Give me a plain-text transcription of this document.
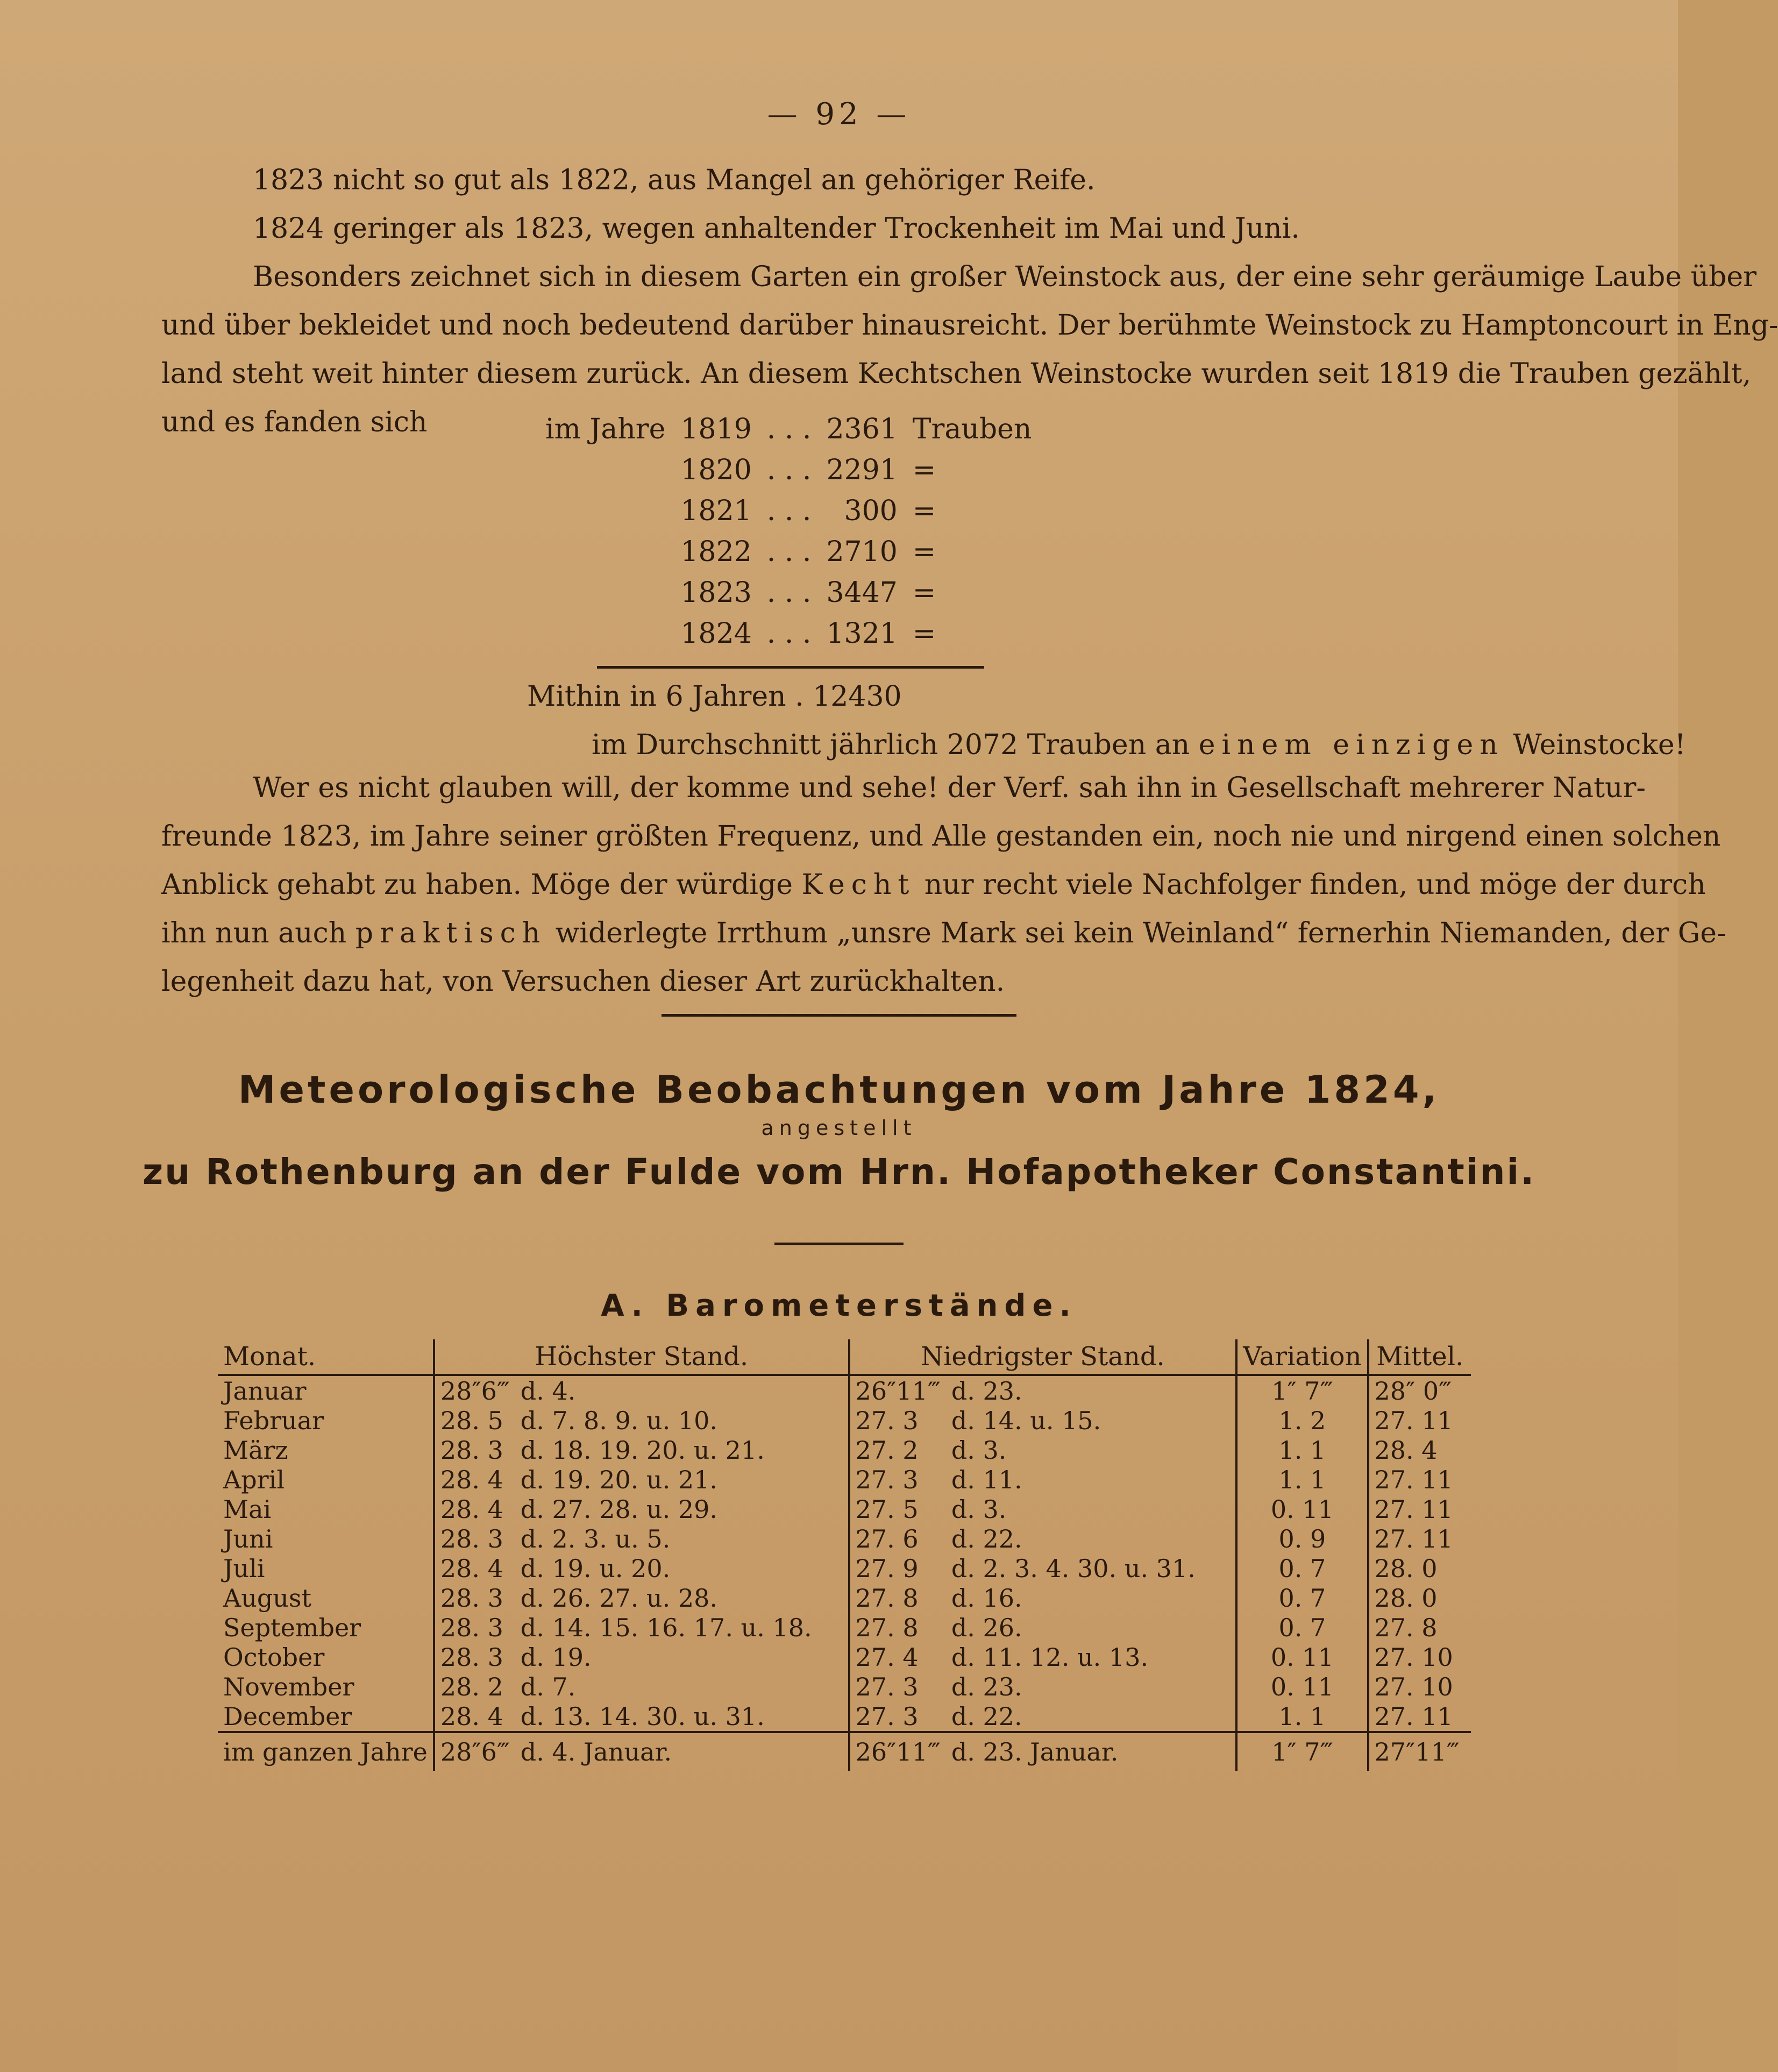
— 92 —
1823 nicht so gut als 1822, aus Mangel an gehöriger Reife.
1824 geringer als 1823, wegen anhaltender Trockenheit im Mai und Juni.
Besonders zeichnet sich in diesem Garten ein großer Weinstock aus, der eine sehr geräumige Laube über
und über bekleidet und noch bedeutend darüber hinausreicht. Der berühmte Weinstock zu Hamptoncourt in Eng-
land steht weit hinter diesem zurück. An diesem Kechtschen Weinstocke wurden seit 1819 die Trauben gezählt,
und es fanden sich	im Jahre	1819	. . .	2361	Trauben
	1820	. . .	2291	=
	1821	. . .	300	=
	1822	. . .	2710	=
	1823	. . .	3447	=
	1824	. . .	1321	=
Mithin in 6 Jahren . 12430
im Durchschnitt jährlich 2072 Trauben an einem einzigen Weinstocke!
Wer es nicht glauben will, der komme und sehe! der Verf. sah ihn in Gesellschaft mehrerer Natur-
freunde 1823, im Jahre seiner größten Frequenz, und Alle gestanden ein, noch nie und nirgend einen solchen
Anblick gehabt zu haben. Möge der würdige Kecht nur recht viele Nachfolger finden, und möge der durch
ihn nun auch praktisch widerlegte Irrthum „unsre Mark sei kein Weinland“ fernerhin Niemanden, der Ge-
legenheit dazu hat, von Versuchen dieser Art zurückhalten.
Meteorologische Beobachtungen vom Jahre 1824,
angestellt
zu Rothenburg an der Fulde vom Hrn. Hofapotheker Constantini.
A. Barometerstände.
Monat.	Höchster Stand.		Niedrigster Stand.		Variation	Mittel.
Januar	28″6‴	d. 4.	26″11‴	d. 23.	1″ 7‴	28″ 0‴
Februar	28. 5	d. 7. 8. 9. u. 10.	27. 3	d. 14. u. 15.	1. 2	27. 11
März	28. 3	d. 18. 19. 20. u. 21.	27. 2	d. 3.	1. 1	28. 4
April	28. 4	d. 19. 20. u. 21.	27. 3	d. 11.	1. 1	27. 11
Mai	28. 4	d. 27. 28. u. 29.	27. 5	d. 3.	0. 11	27. 11
Juni	28. 3	d. 2. 3. u. 5.	27. 6	d. 22.	0. 9	27. 11
Juli	28. 4	d. 19. u. 20.	27. 9	d. 2. 3. 4. 30. u. 31.	0. 7	28. 0
August	28. 3	d. 26. 27. u. 28.	27. 8	d. 16.	0. 7	28. 0
September	28. 3	d. 14. 15. 16. 17. u. 18.	27. 8	d. 26.	0. 7	27. 8
October	28. 3	d. 19.	27. 4	d. 11. 12. u. 13.	0. 11	27. 10
November	28. 2	d. 7.	27. 3	d. 23.	0. 11	27. 10
December	28. 4	d. 13. 14. 30. u. 31.	27. 3	d. 22.	1. 1	27. 11
im ganzen Jahre	28″6‴	d. 4. Januar.	26″11‴	d. 23. Januar.	1″ 7‴	27″11‴
